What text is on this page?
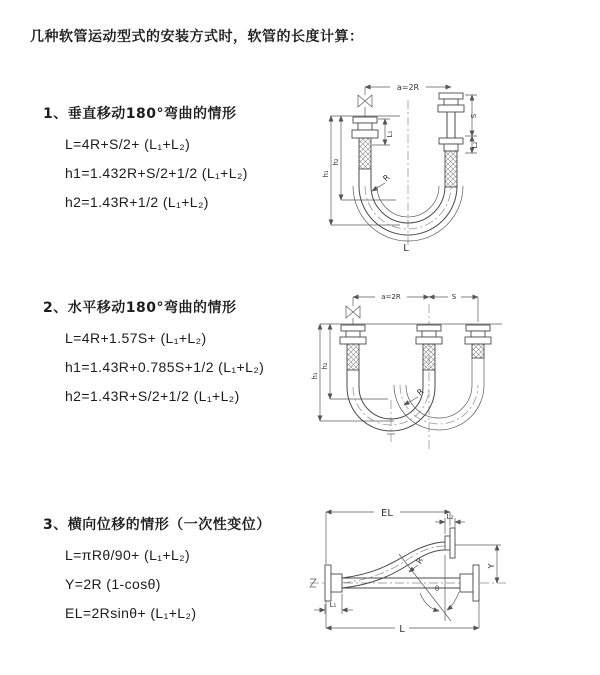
几种软管运动型式的安装方式时，软管的长度计算：
1、垂直移动180°弯曲的情形
L=4R+S/2+ (L₁+L₂)
h1=1.432R+S/2+1/2 (L₁+L₂)
h2=1.43R+1/2 (L₁+L₂)
a=2R
L₁
S
L₂
h₂
h₁	R
L
2、水平移动180°弯曲的情形
L=4R+1.57S+ (L₁+L₂)
h1=1.43R+0.785S+1/2 (L₁+L₂)
h2=1.43R+S/2+1/2 (L₁+L₂)
a=2R	S
h₂
h₁
R
3、横向位移的情形（一次性变位）
L=πRθ/90+ (L₁+L₂)
Y=2R (1-cosθ)
EL=2Rsinθ+ (L₁+L₂)
EL	L₂
Y
R
θ
L
L₁
